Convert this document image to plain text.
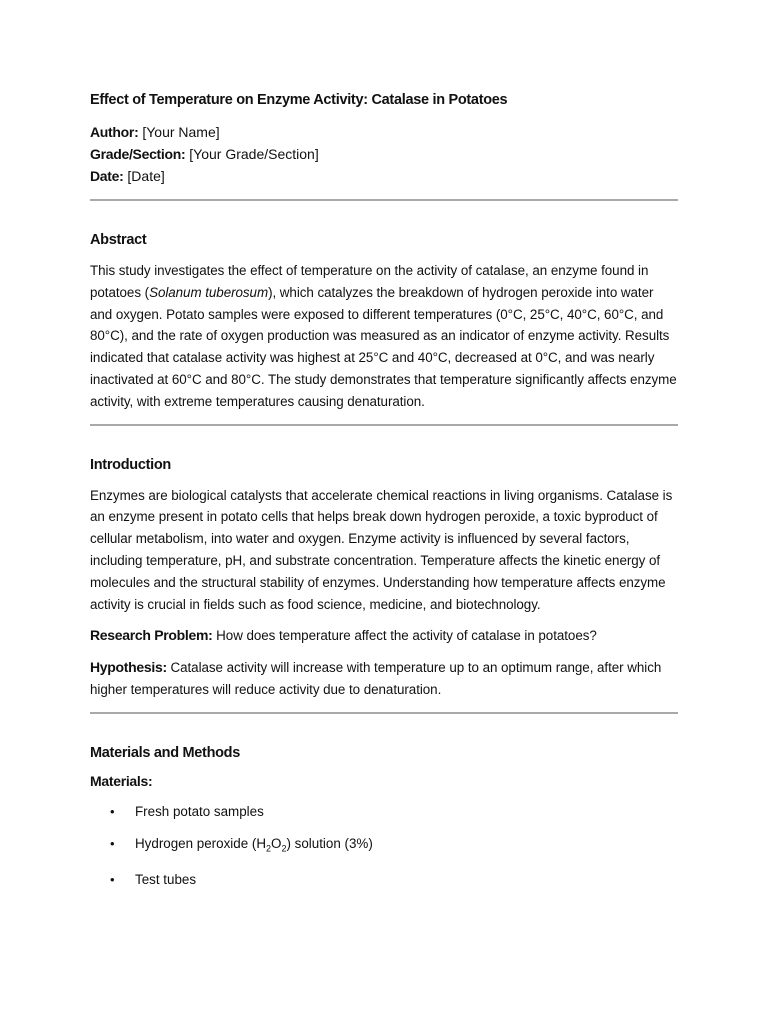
Effect of Temperature on Enzyme Activity: Catalase in Potatoes
Author: [Your Name]
Grade/Section: [Your Grade/Section]
Date: [Date]
Abstract

This study investigates the effect of temperature on the activity of catalase, an enzyme found in potatoes (Solanum tuberosum), which catalyzes the breakdown of hydrogen peroxide into water and oxygen. Potato samples were exposed to different temperatures (0°C, 25°C, 40°C, 60°C, and 80°C), and the rate of oxygen production was measured as an indicator of enzyme activity. Results indicated that catalase activity was highest at 25°C and 40°C, decreased at 0°C, and was nearly inactivated at 60°C and 80°C. The study demonstrates that temperature significantly affects enzyme activity, with extreme temperatures causing denaturation.

Introduction

Enzymes are biological catalysts that accelerate chemical reactions in living organisms. Catalase is an enzyme present in potato cells that helps break down hydrogen peroxide, a toxic byproduct of cellular metabolism, into water and oxygen. Enzyme activity is influenced by several factors, including temperature, pH, and substrate concentration. Temperature affects the kinetic energy of molecules and the structural stability of enzymes. Understanding how temperature affects enzyme activity is crucial in fields such as food science, medicine, and biotechnology.

Research Problem: How does temperature affect the activity of catalase in potatoes?

Hypothesis: Catalase activity will increase with temperature up to an optimum range, after which higher temperatures will reduce activity due to denaturation.

Materials and Methods
Materials:
• Fresh potato samples
• Hydrogen peroxide $(H_2O_2)$ solution (3%)
• Test tubes
